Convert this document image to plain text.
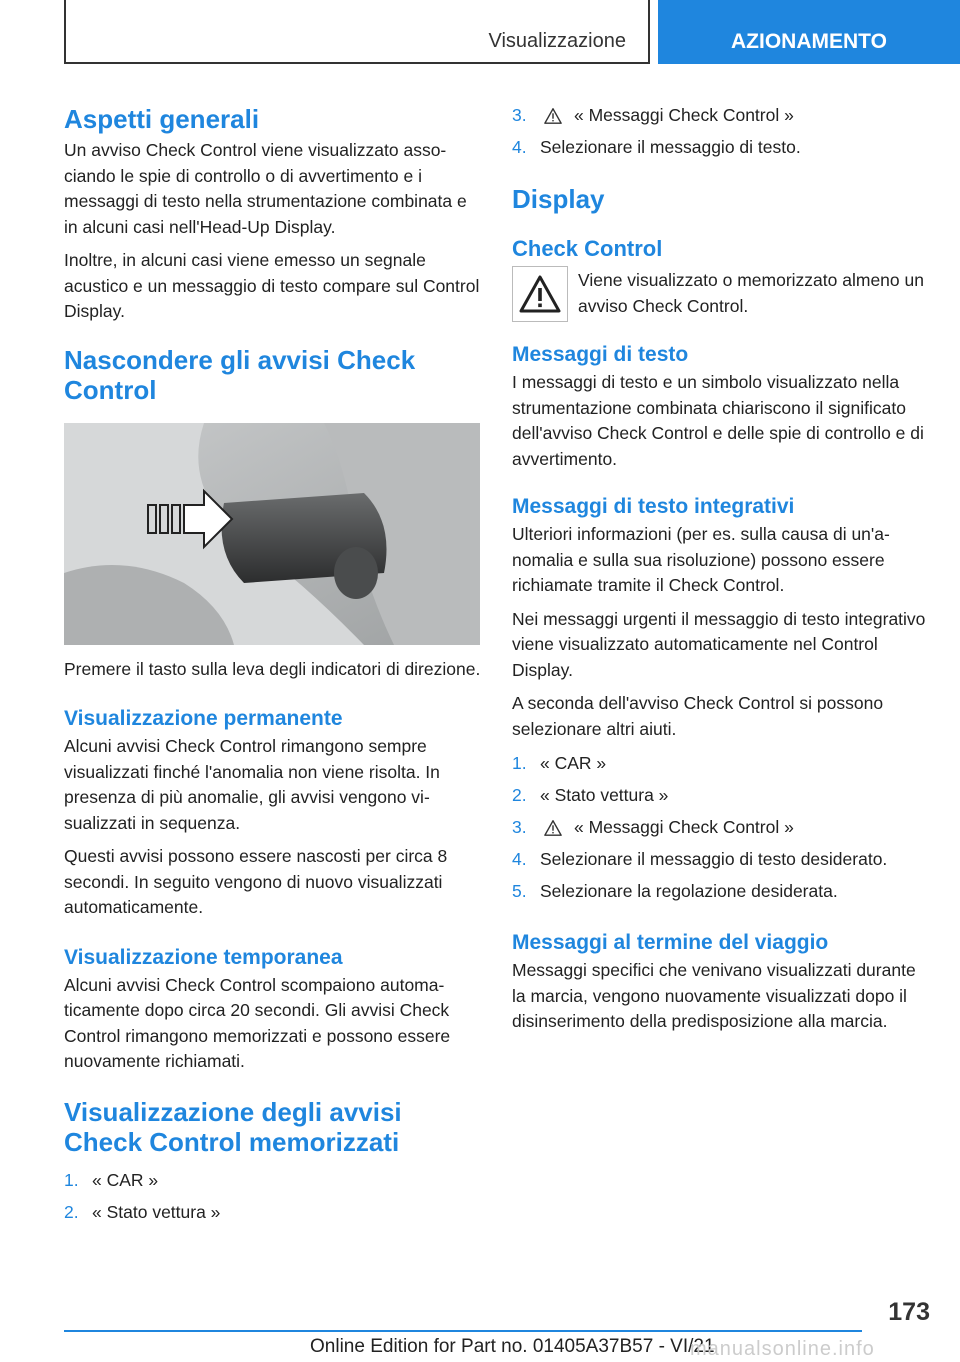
Visualizzazione	AZIONAMENTO
Aspetti generali

Un avviso Check Control viene visualizzato associando le spie di controllo o di avvertimento e i messaggi di testo nella strumentazione combinata e in alcuni casi nell'Head-Up Display.

Inoltre, in alcuni casi viene emesso un segnale acustico e un messaggio di testo compare sul Control Display.

Nascondere gli avvisi Check Control

Premere il tasto sulla leva degli indicatori di direzione.

Visualizzazione permanente

Alcuni avvisi Check Control rimangono sempre visualizzati finché l'anomalia non viene risolta. In presenza di più anomalie, gli avvisi vengono visualizzati in sequenza.

Questi avvisi possono essere nascosti per circa 8 secondi. In seguito vengono di nuovo visualizzati automaticamente.

Visualizzazione temporanea

Alcuni avvisi Check Control scompaiono automaticamente dopo circa 20 secondi. Gli avvisi Check Control rimangono memorizzati e possono essere nuovamente richiamati.

Visualizzazione degli avvisi Check Control memorizzati
1. « CAR »
2. « Stato vettura »
3.	« Messaggi Check Control »
4. Selezionare il messaggio di testo.
Display
Check Control

Viene visualizzato o memorizzato almeno un avviso Check Control.

Messaggi di testo

I messaggi di testo e un simbolo visualizzato nella strumentazione combinata chiariscono il significato dell'avviso Check Control e delle spie di controllo e di avvertimento.

Messaggi di testo integrativi

Ulteriori informazioni (per es. sulla causa di un'anomalia e sulla sua risoluzione) possono essere richiamate tramite il Check Control.

Nei messaggi urgenti il messaggio di testo integrativo viene visualizzato automaticamente nel Control Display.

A seconda dell'avviso Check Control si possono selezionare altri aiuti.

1. « CAR »
2. « Stato vettura »
3.	« Messaggi Check Control »
4. Selezionare il messaggio di testo desiderato.
5. Selezionare la regolazione desiderata.
Messaggi al termine del viaggio

Messaggi specifici che venivano visualizzati durante la marcia, vengono nuovamente visualizzati dopo il disinserimento della predisposizione alla marcia.

173
Online Edition for Part no. 01405A37B57 - VI/21
manualsonline.info
